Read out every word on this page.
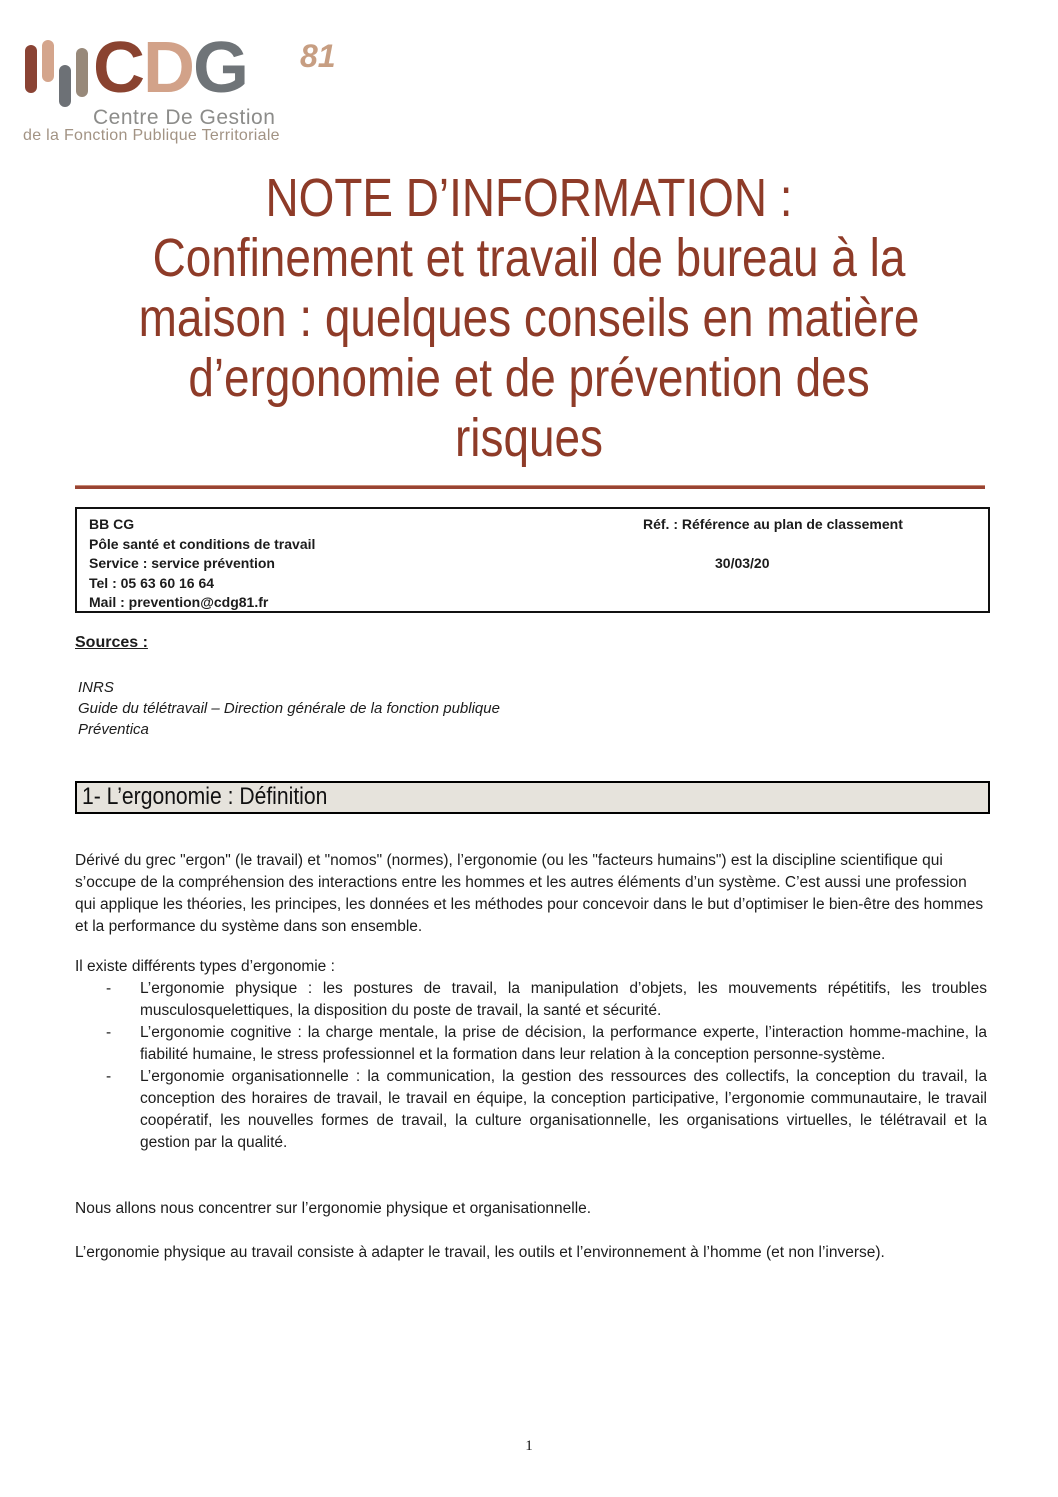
CDG 81
Centre De Gestion
de la Fonction Publique Territoriale
NOTE D’INFORMATION :
Confinement et travail de bureau à la
maison : quelques conseils en matière
d’ergonomie et de prévention des
risques
BB CG
Pôle santé et conditions de travail
Service : service prévention
Tel : 05 63 60 16 64
Mail : prevention@cdg81.fr
Réf. : Référence au plan de classement
30/03/20
Sources :
INRS
Guide du télétravail – Direction générale de la fonction publique
Préventica
1- L’ergonomie : Définition
Dérivé du grec "ergon" (le travail) et "nomos" (normes), l’ergonomie (ou les "facteurs humains") est la discipline scientifique qui s’occupe de la compréhension des interactions entre les hommes et les autres éléments d’un système. C’est aussi une profession qui applique les théories, les principes, les données et les méthodes pour concevoir dans le but d’optimiser le bien-être des hommes et la performance du système dans son ensemble.
Il existe différents types d’ergonomie :
-	L’ergonomie physique : les postures de travail, la manipulation d’objets, les mouvements répétitifs, les troubles musculosquelettiques, la disposition du poste de travail, la santé et sécurité.
-	L’ergonomie cognitive : la charge mentale, la prise de décision, la performance experte, l’interaction homme-machine, la fiabilité humaine, le stress professionnel et la formation dans leur relation à la conception personne-système.
-	L’ergonomie organisationnelle : la communication, la gestion des ressources des collectifs, la conception du travail, la conception des horaires de travail, le travail en équipe, la conception participative, l’ergonomie communautaire, le travail coopératif, les nouvelles formes de travail, la culture organisationnelle, les organisations virtuelles, le télétravail et la gestion par la qualité.
Nous allons nous concentrer sur l’ergonomie physique et organisationnelle.
L’ergonomie physique au travail consiste à adapter le travail, les outils et l’environnement à l’homme (et non l’inverse).
1
